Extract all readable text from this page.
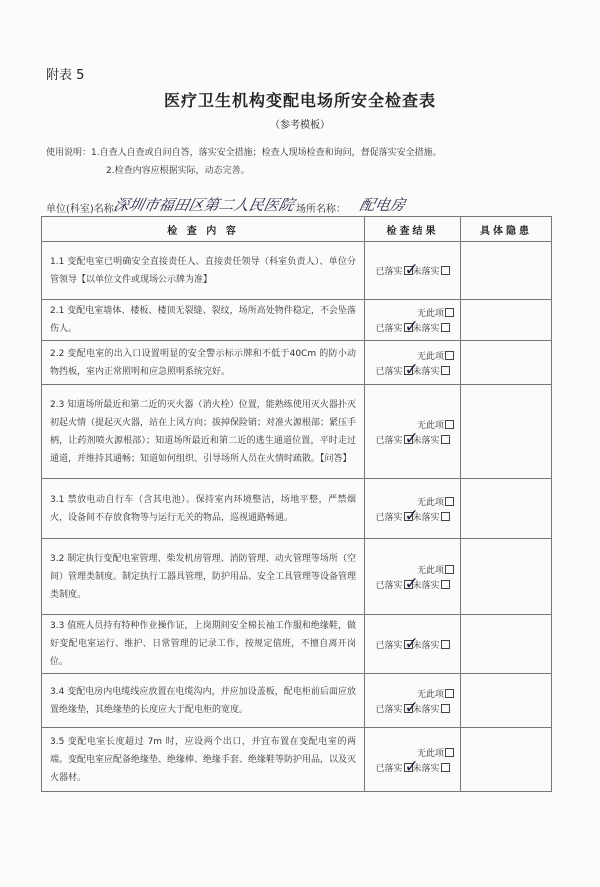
附表 5
医疗卫生机构变配电场所安全检查表
（参考模板）
使用说明：1.自查人自查或自问自答，落实安全措施；检查人现场检查和询问，督促落实安全措施。
2.检查内容应根据实际，动态完善。
单位(科室)名称：
深圳市福田区第二人民医院 场所名称： 配电房
检 查 内 容	检查结果	具体隐患
1.1 变配电室已明确安全直接责任人、直接责任领导（科室负责人）、单位分管领导【以单位文件或现场公示牌为准】	已落实 ✓
未落实	

2.1 变配电室墙体、楼板、楼顶无裂缝、裂纹，场所高处物件稳定，不会坠落伤人。	无此项
已落实 ✓
未落实	

2.2 变配电室的出入口设置明显的安全警示标示牌和不低于40Cm 的防小动物挡板，室内正常照明和应急照明系统完好。	无此项
已落实 ✓
未落实	

2.3 知道场所最近和第二近的灭火器（消火栓）位置，能熟练使用灭火器扑灭初起火情（提起灭火器，站在上风方向；拔掉保险销；对准火源根部；紧压手柄，让药剂喷火源根部）；知道场所最近和第二近的逃生通道位置，平时走过通道，并维持其通畅；知道如何组织、引导场所人员在火情时疏散。【问答】	无此项
已落实 ✓
未落实	

3.1 禁放电动自行车（含其电池）。保持室内环境整洁，场地平整，严禁烟火，设备间不存放食物等与运行无关的物品，巡视通路畅通。	无此项
已落实 ✓
未落实	

3.2 制定执行变配电室管理、柴发机房管理、消防管理、动火管理等场所（空间）管理类制度。制定执行工器具管理，防护用品、安全工具管理等设备管理类制度。	无此项
已落实 ✓
未落实	

3.3 值班人员持有特种作业操作证，上岗期间安全棉长袖工作服和绝缘鞋，做好变配电室运行、维护、日常管理的记录工作，按规定值班，不擅自离开岗位。	已落实 ✓
未落实	

3.4 变配电房内电缆线应放置在电缆沟内，并应加设盖板，配电柜前后面应放置绝缘垫，其绝缘垫的长度应大于配电柜的宽度。	无此项
已落实 ✓
未落实	

3.5 变配电室长度超过 7m 时，应设两个出口，并宜布置在变配电室的两端。变配电室应配备绝缘垫、绝缘棒、绝缘手套、绝缘鞋等防护用品，以及灭火器材。	无此项
已落实 ✓
未落实	
